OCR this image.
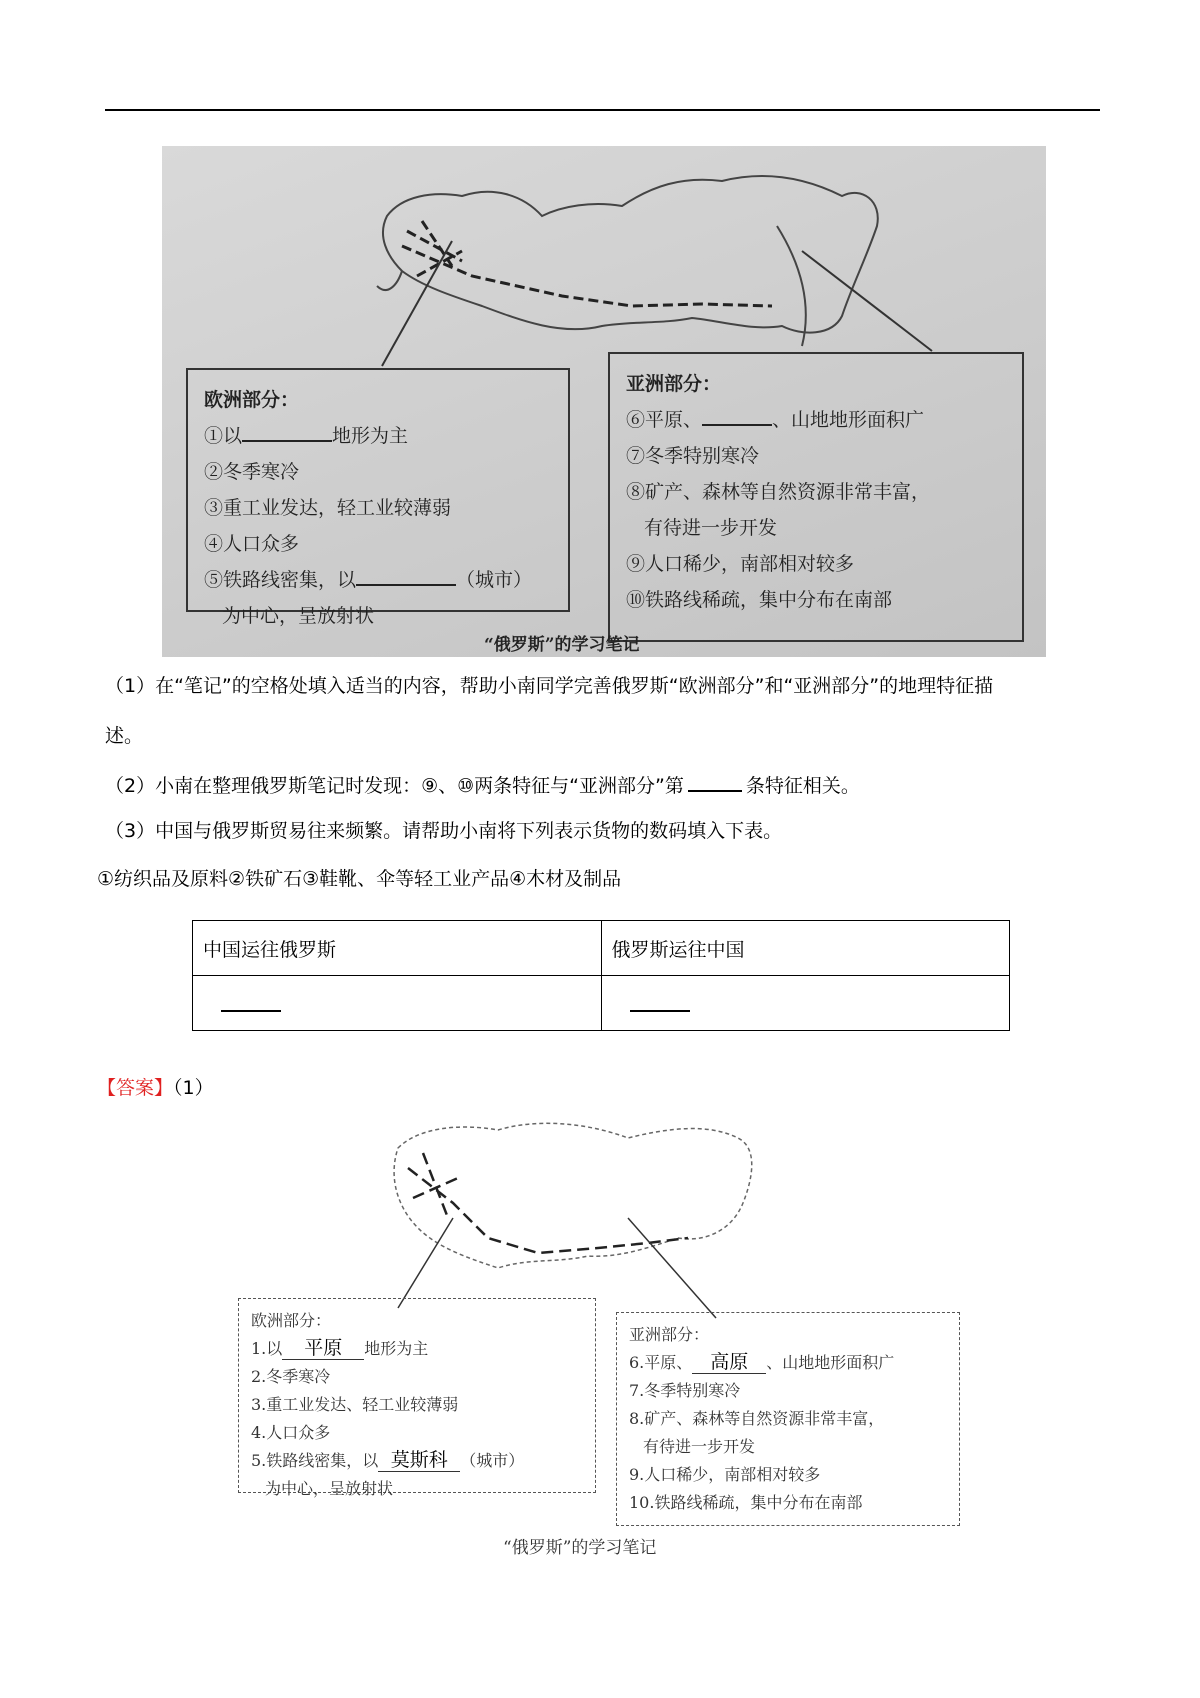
欧洲部分：
①以	地形为主
②冬季寒冷
③重工业发达，轻工业较薄弱
④人口众多
⑤铁路线密集，以	（城市）
为中心，呈放射状
亚洲部分：
⑥平原、	、山地地形面积广
⑦冬季特别寒冷
⑧矿产、森林等自然资源非常丰富，
有待进一步开发
⑨人口稀少，南部相对较多
⑩铁路线稀疏，集中分布在南部
“俄罗斯”的学习笔记
（1）在“笔记”的空格处填入适当的内容，帮助小南同学完善俄罗斯“欧洲部分”和“亚洲部分”的地理特征描
述。
（2）小南在整理俄罗斯笔记时发现：⑨、⑩两条特征与“亚洲部分”第	条特征相关。
（3）中国与俄罗斯贸易往来频繁。请帮助小南将下列表示货物的数码填入下表。
①纺织品及原料②铁矿石③鞋靴、伞等轻工业产品④木材及制品
中国运往俄罗斯	俄罗斯运往中国

【答案】（1）
欧洲部分：
1.以 平原 地形为主
2.冬季寒冷
3.重工业发达、轻工业较薄弱
4.人口众多
5.铁路线密集，以 莫斯科 （城市）
为中心，呈放射状
亚洲部分：
6.平原、 高原 、山地地形面积广
7.冬季特别寒冷
8.矿产、森林等自然资源非常丰富，
有待进一步开发
9.人口稀少，南部相对较多
10.铁路线稀疏，集中分布在南部
“俄罗斯”的学习笔记
